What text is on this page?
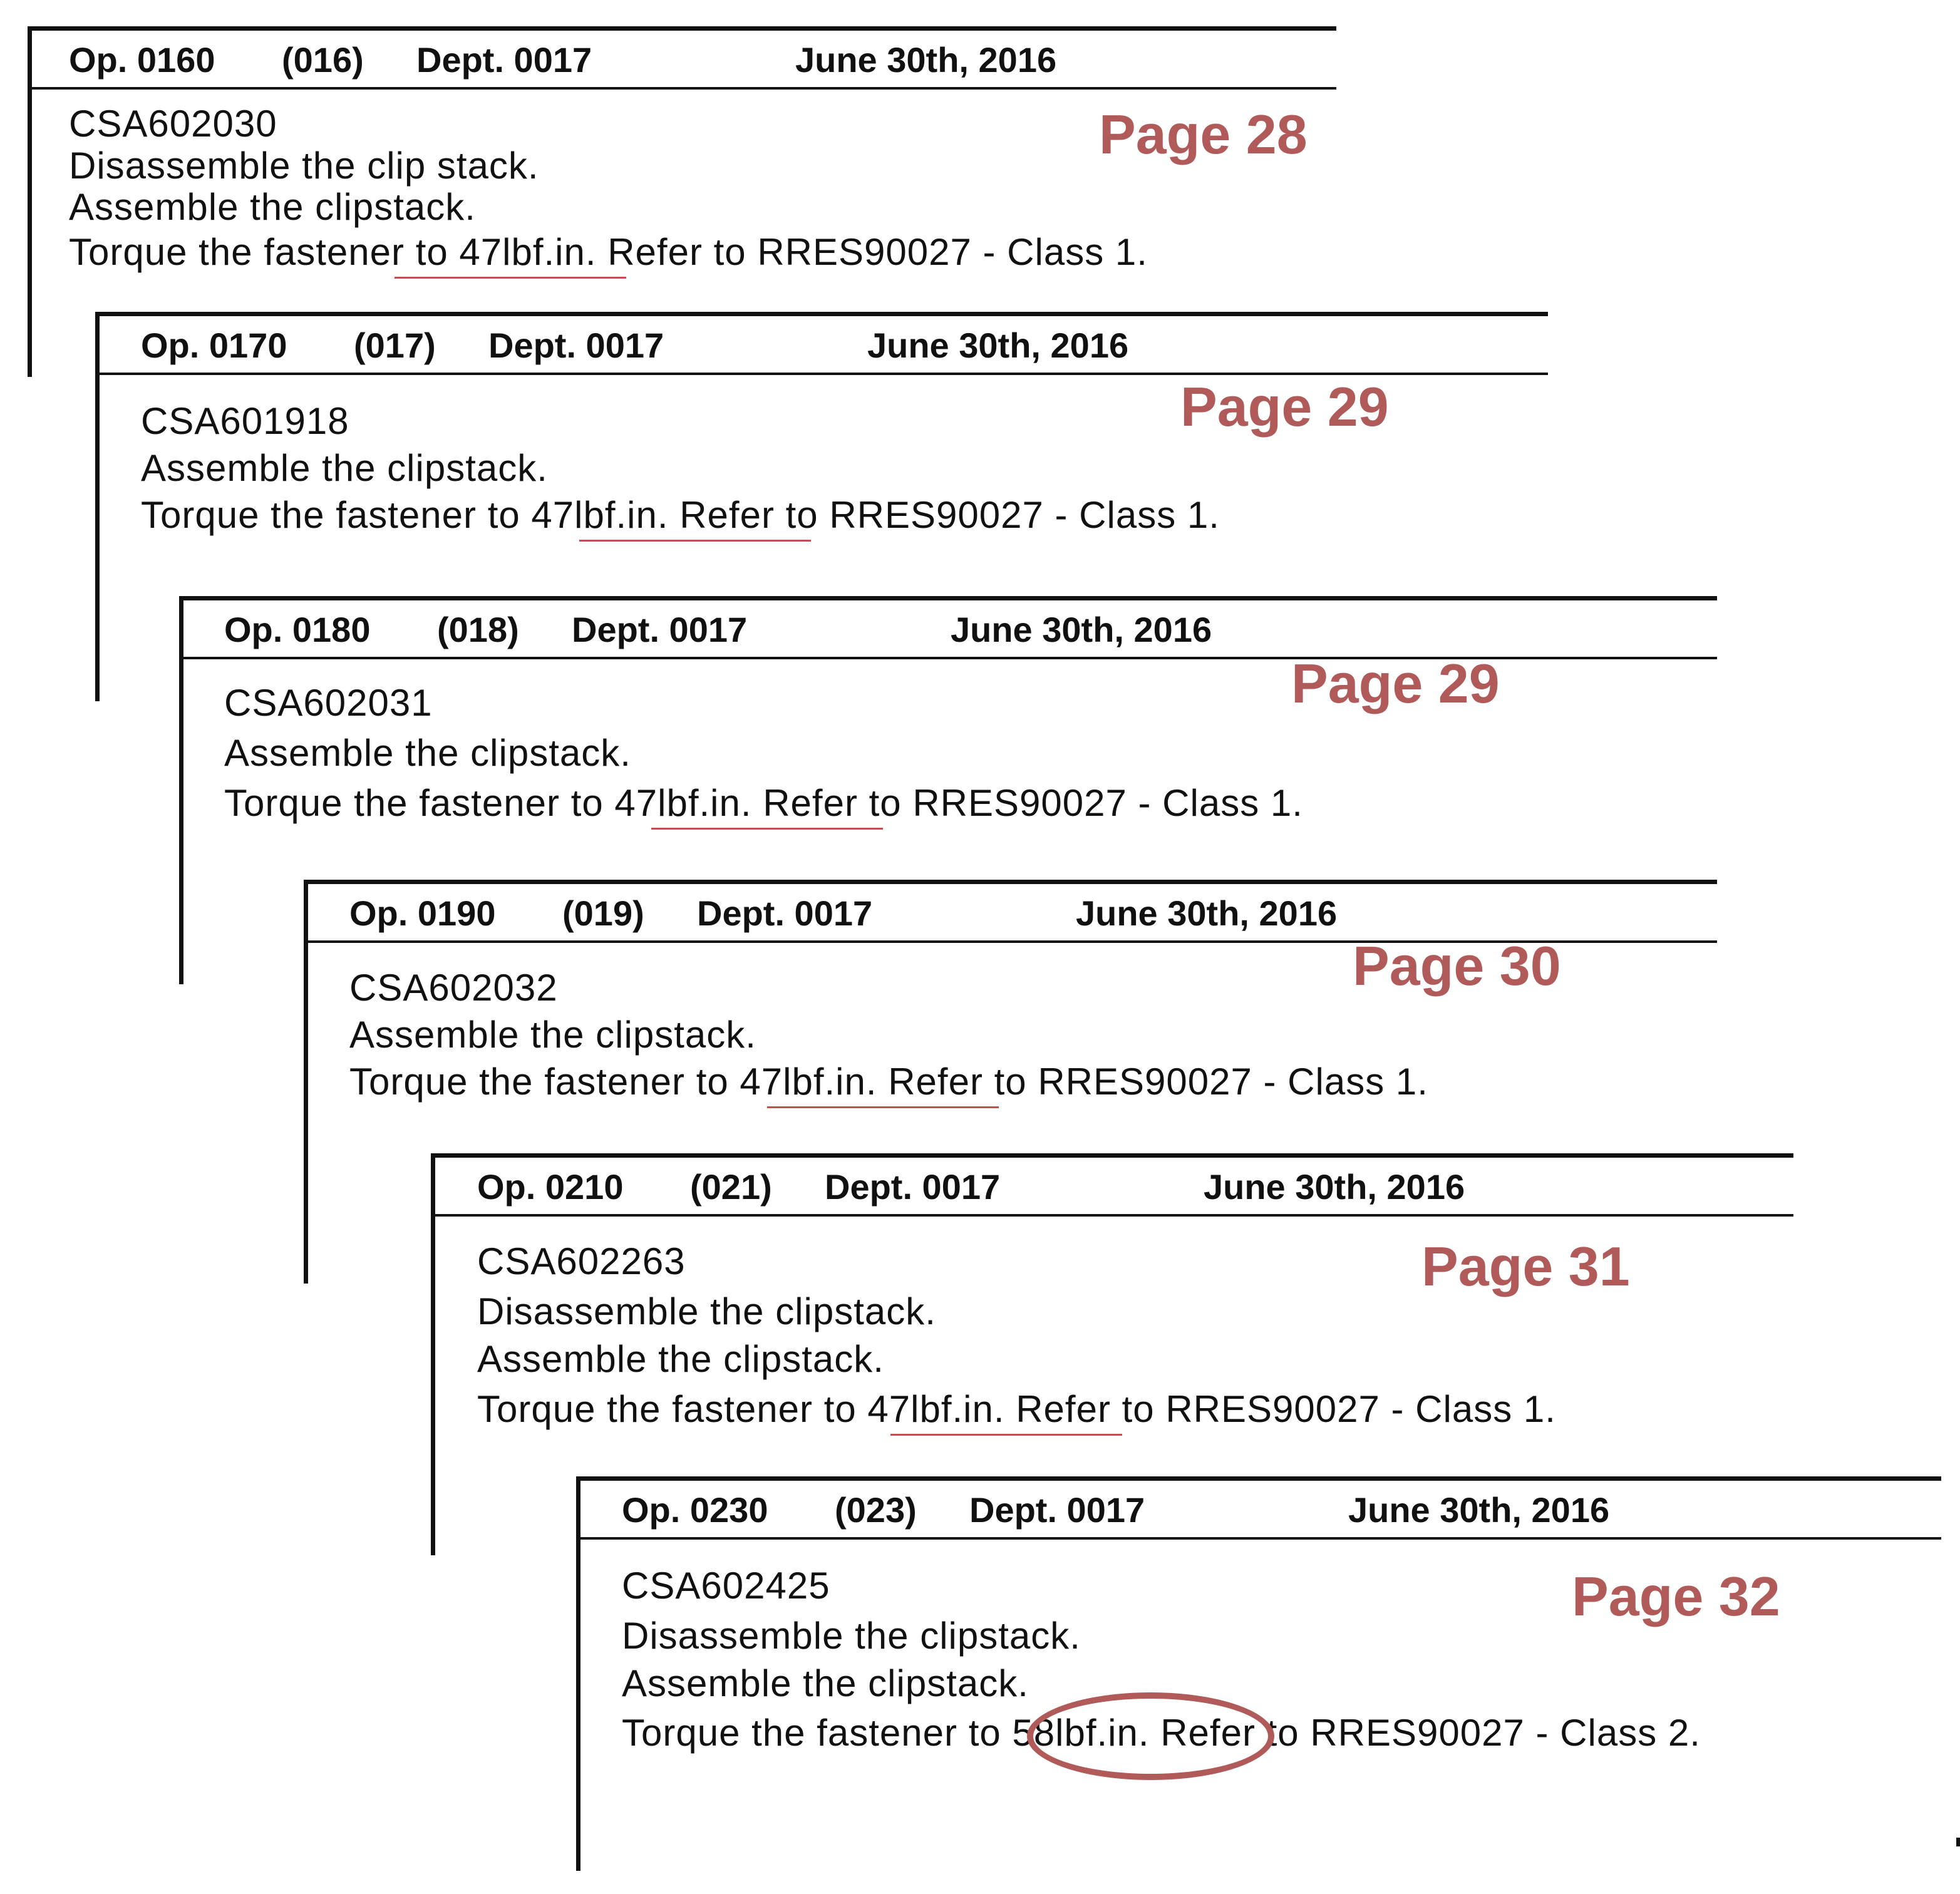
Op. 0160 (016) Dept. 0017	June 30th, 2016
CSA602030
Disassemble the clip stack.
Assemble the clipstack.
Torque the fastener to 47lbf.in. Refer to RRES90027 - Class 1.
Page 28
Op. 0170 (017) Dept. 0017	June 30th, 2016
CSA601918
Assemble the clipstack.
Torque the fastener to 47lbf.in. Refer to RRES90027 - Class 1.
Page 29
Op. 0180 (018) Dept. 0017	June 30th, 2016
CSA602031
Assemble the clipstack.
Torque the fastener to 47lbf.in. Refer to RRES90027 - Class 1.
Page 29
Op. 0190 (019) Dept. 0017	June 30th, 2016
CSA602032
Assemble the clipstack.
Torque the fastener to 47lbf.in. Refer to RRES90027 - Class 1.
Page 30
Op. 0210 (021) Dept. 0017	June 30th, 2016
CSA602263
Disassemble the clipstack.
Assemble the clipstack.
Torque the fastener to 47lbf.in. Refer to RRES90027 - Class 1.
Page 31
Op. 0230 (023) Dept. 0017	June 30th, 2016
CSA602425
Disassemble the clipstack.
Assemble the clipstack.
Torque the fastener to 58lbf.in. Refer to RRES90027 - Class 2.
Page 32
